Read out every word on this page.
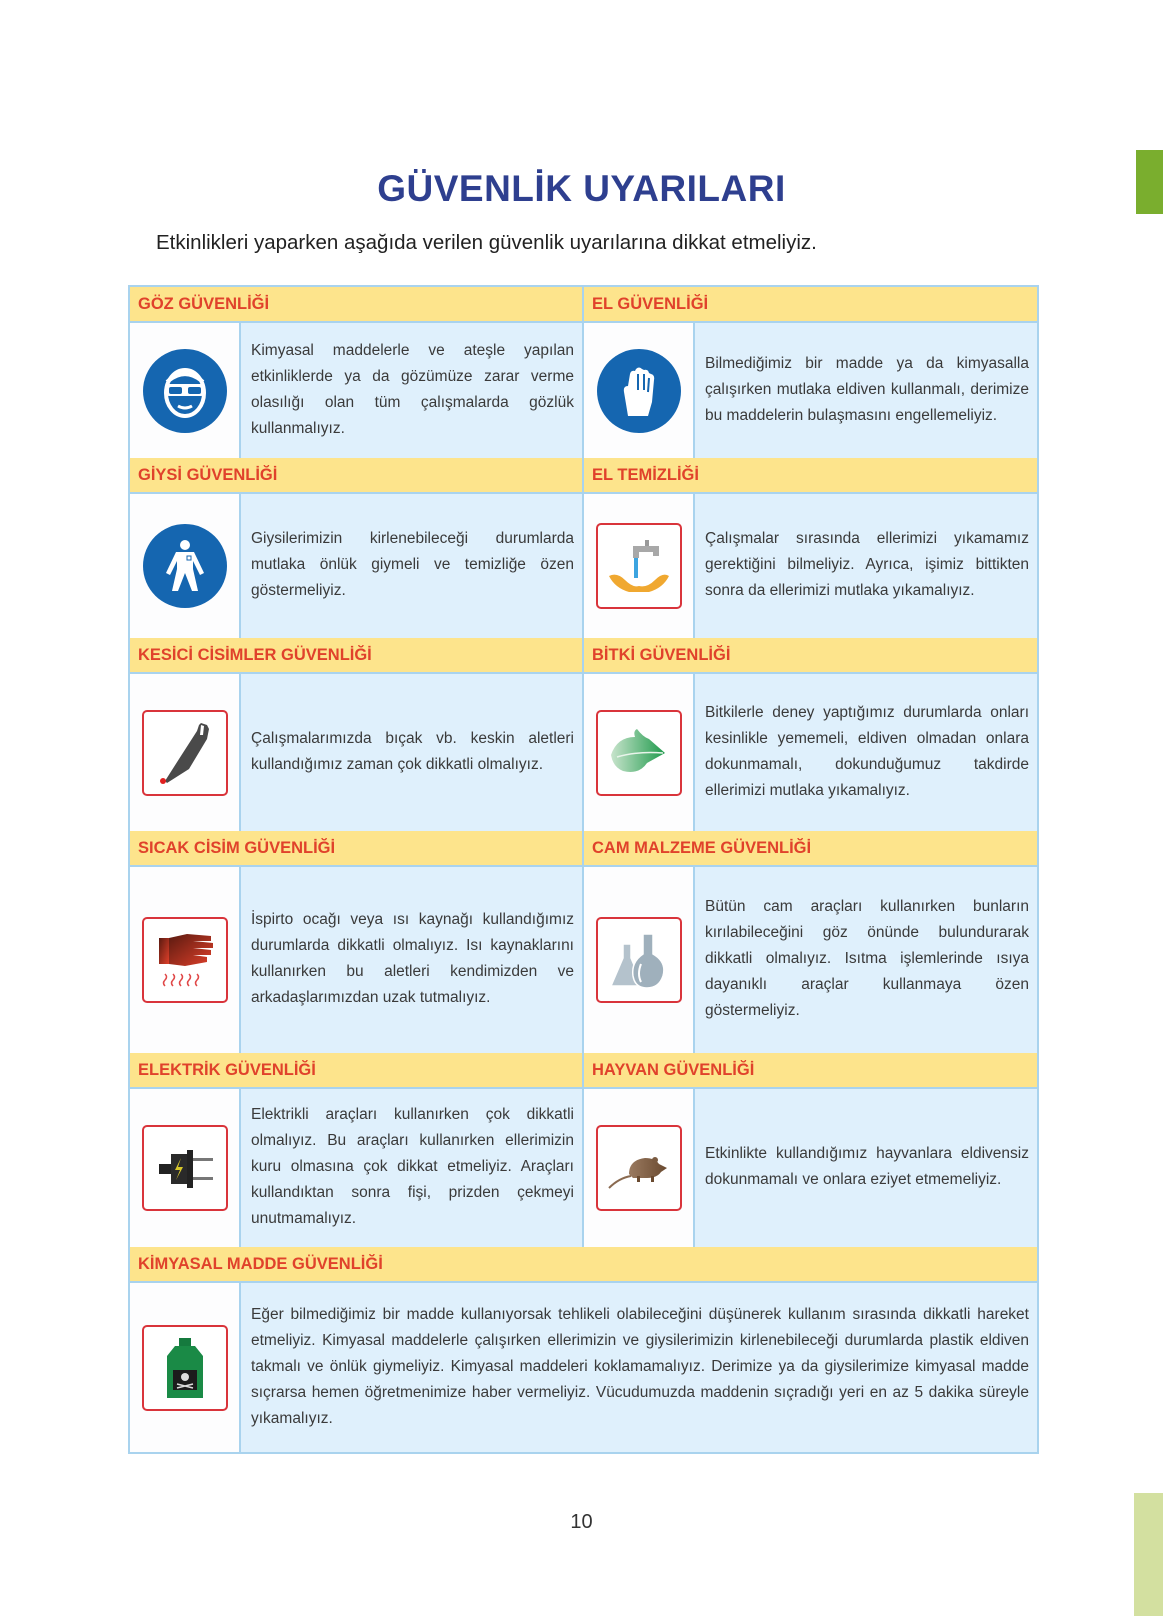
GÜVENLİK UYARILARI
Etkinlikleri yaparken aşağıda verilen güvenlik uyarılarına dikkat etmeliyiz.
GÖZ GÜVENLİĞİ
Kimyasal maddelerle ve ateşle yapılan etkinliklerde ya da gözümüze zarar verme olasılığı olan tüm çalışmalarda gözlük kullanmalıyız.
EL GÜVENLİĞİ
Bilmediğimiz bir madde ya da kimyasalla çalışırken mutlaka eldiven kullanmalı, derimize bu maddelerin bulaşmasını engellemeliyiz.
GİYSİ GÜVENLİĞİ
Giysilerimizin kirlenebileceği durumlarda mutlaka önlük giymeli ve temizliğe özen göstermeliyiz.
EL TEMİZLİĞİ
Çalışmalar sırasında ellerimizi yıkamamız gerektiğini bilmeliyiz. Ayrıca, işimiz bittikten sonra da ellerimizi mutlaka yıkamalıyız.
KESİCİ CİSİMLER GÜVENLİĞİ
Çalışmalarımızda bıçak vb. keskin aletleri kullandığımız zaman çok dikkatli olmalıyız.
BİTKİ GÜVENLİĞİ
Bitkilerle deney yaptığımız durumlarda onları kesinlikle yememeli, eldiven olmadan onlara dokunmamalı, dokunduğumuz takdirde ellerimizi mutlaka yıkamalıyız.
SICAK CİSİM GÜVENLİĞİ
İspirto ocağı veya ısı kaynağı kullandığımız durumlarda dikkatli olmalıyız. Isı kaynaklarını kullanırken bu aletleri kendimizden ve arkadaşlarımızdan uzak tutmalıyız.
CAM MALZEME GÜVENLİĞİ
Bütün cam araçları kullanırken bunların kırılabileceğini göz önünde bulundurarak dikkatli olmalıyız. Isıtma işlemlerinde ısıya dayanıklı araçlar kullanmaya özen göstermeliyiz.
ELEKTRİK GÜVENLİĞİ
Elektrikli araçları kullanırken çok dikkatli olmalıyız. Bu araçları kullanırken ellerimizin kuru olmasına çok dikkat etmeliyiz. Araçları kullandıktan sonra fişi, prizden çekmeyi unutmamalıyız.
HAYVAN GÜVENLİĞİ
Etkinlikte kullandığımız hayvanlara eldivensiz dokunmamalı ve onlara eziyet etmemeliyiz.
KİMYASAL MADDE GÜVENLİĞİ
Eğer bilmediğimiz bir madde kullanıyorsak tehlikeli olabileceğini düşünerek kullanım sırasında dikkatli hareket etmeliyiz. Kimyasal maddelerle çalışırken ellerimizin ve giysilerimizin kirlenebileceği durumlarda plastik eldiven takmalı ve önlük giymeliyiz. Kimyasal maddeleri koklamamalıyız. Derimize ya da giysilerimize kimyasal madde sıçrarsa hemen öğretmenimize haber vermeliyiz. Vücudumuzda maddenin sıçradığı yeri en az 5 dakika süreyle yıkamalıyız.
10
